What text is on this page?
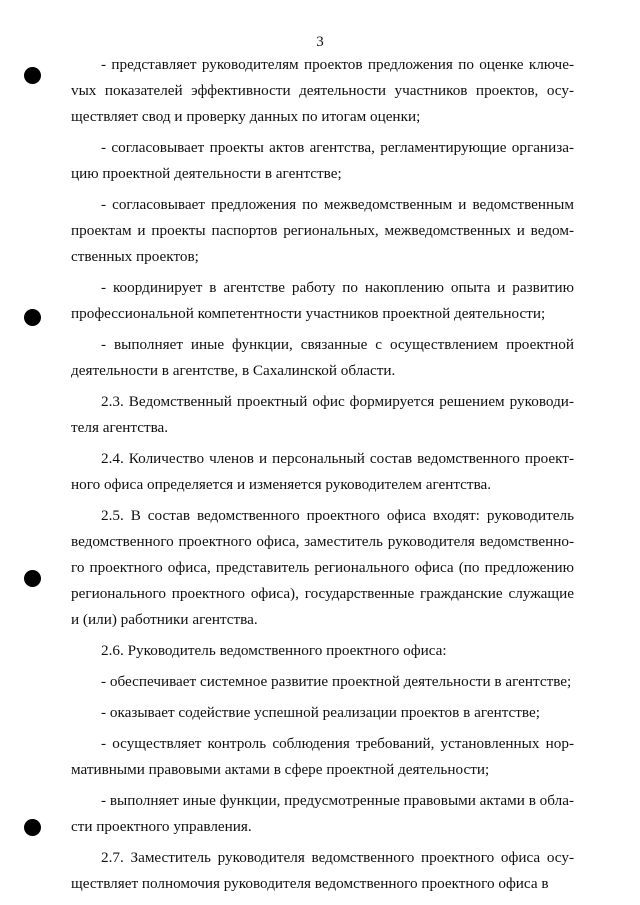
3

- представляет руководителям проектов предложения по оценке ключеvых показателей эффективности деятельности участников проектов, осуществляет свод и проверку данных по итогам оценки;

- согласовывает проекты актов агентства, регламентирующие организацию проектной деятельности в агентстве;

- согласовывает предложения по межведомственным и ведомственным проектам и проекты паспортов региональных, межведомственных и ведомственных проектов;

- координирует в агентстве работу по накоплению опыта и развитию профессиональной компетентности участников проектной деятельности;

- выполняет иные функции, связанные с осуществлением проектной деятельности в агентстве, в Сахалинской области.

2.3. Ведомственный проектный офис формируется решением руководителя агентства.

2.4. Количество членов и персональный состав ведомственного проектного офиса определяется и изменяется руководителем агентства.

2.5. В состав ведомственного проектного офиса входят: руководитель ведомственного проектного офиса, заместитель руководителя ведомственного проектного офиса, представитель регионального офиса (по предложению регионального проектного офиса), государственные гражданские служащие и (или) работники агентства.

2.6. Руководитель ведомственного проектного офиса:

- обеспечивает системное развитие проектной деятельности в агентстве;

- оказывает содействие успешной реализации проектов в агентстве;

- осуществляет контроль соблюдения требований, установленных нормативными правовыми актами в сфере проектной деятельности;

- выполняет иные функции, предусмотренные правовыми актами в области проектного управления.

2.7. Заместитель руководителя ведомственного проектного офиса осуществляет полномочия руководителя ведомственного проектного офиса в
